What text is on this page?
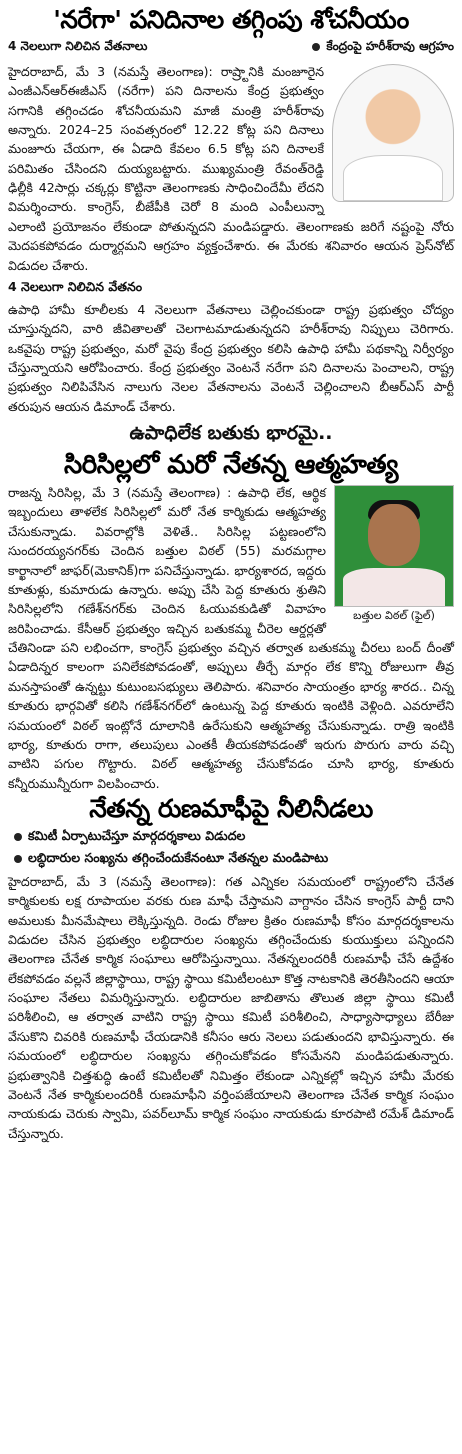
'నరేగా' పనిదినాల తగ్గింపు శోచనీయం
4 నెలలుగా నిలిచిన వేతనాలు	కేంద్రంపై హరీశ్‌రావు ఆగ్రహం

హైదరాబాద్, మే 3 (నమస్తే తెలంగాణ): రాష్ర్టానికి మంజూరైన ఎంజీఎన్‌ఆర్‌ఈజీఎస్ (నరేగా) పని దినాలను కేంద్ర ప్రభుత్వం సగానికి తగ్గించడం శోచనీయమని మాజీ మంత్రి హరీశ్‌రావు అన్నారు. 2024–25 సంవత్సరంలో 12.22 కోట్ల పని దినాలు మంజూరు చేయగా, ఈ ఏడాది కేవలం 6.5 కోట్ల పని దినాలకే పరిమితం చేసిందని దుయ్యబట్టారు. ముఖ్యమంత్రి రేవంత్‌రెడ్డి ఢిల్లీకి 42సార్లు చక్కర్లు కొట్టినా తెలంగాణకు సాధించిందేమీ లేదని విమర్శించారు. కాంగ్రెస్, బీజేపీకి చెరో 8 మంది ఎంపీలున్నా ఎలాంటి ప్రయోజనం లేకుండా పోతున్నదని మండిపడ్డారు. తెలంగాణకు జరిగే నష్టంపై నోరు మెదపకపోవడం దుర్మార్గమని ఆగ్రహం వ్యక్తంచేశారు. ఈ మేరకు శనివారం ఆయన ప్రెస్‌నోట్ విడుదల చేశారు.

4 నెలలుగా నిలిచిన వేతనం

ఉపాధి హామీ కూలీలకు 4 నెలలుగా వేతనాలు చెల్లించకుండా రాష్ట్ర ప్రభుత్వం చోద్యం చూస్తున్నదని, వారి జీవితాలతో చెలగాటమాడుతున్నదని హరీశ్‌రావు నిప్పులు చెరిగారు. ఒకవైపు రాష్ట్ర ప్రభుత్వం, మరో వైపు కేంద్ర ప్రభుత్వం కలిసి ఉపాధి హామీ పథకాన్ని నిర్వీర్యం చేస్తున్నాయని ఆరోపించారు. కేంద్ర ప్రభుత్వం వెంటనే నరేగా పని దినాలను పెంచాలని, రాష్ట్ర ప్రభుత్వం నిలిపివేసిన నాలుగు నెలల వేతనాలను వెంటనే చెల్లించాలని బీఆర్‌ఎస్ పార్టీ తరుపున ఆయన డిమాండ్ చేశారు.

ఉపాధిలేక బతుకు భారమై..
సిరిసిల్లలో మరో నేతన్న ఆత్మహత్య
బత్తుల విఠల్ (ఫైల్)

రాజన్న సిరిసిల్ల, మే 3 (నమస్తే తెలంగాణ) : ఉపాధి లేక, ఆర్థిక ఇబ్బందులు తాళలేక సిరిసిల్లలో మరో నేత కార్మికుడు ఆత్మహత్య చేసుకున్నాడు. వివరాల్లోకి వెళితే.. సిరిసిల్ల పట్టణంలోని సుందరయ్యనగర్‌కు చెందిన బత్తుల విఠల్ (55) మరమగ్గాల కార్ఖానాలో జాఫర్(మెకానిక్)గా పనిచేస్తున్నాడు. భార్యశారద, ఇద్దరు కూతుళ్లు, కుమారుడు ఉన్నారు. అప్పు చేసి పెద్ద కూతురు శ్రుతిని సిరిసిల్లలోని గణేశ్‌నగర్‌కు చెందిన ఓయువకుడితో వివాహం జరిపించాడు. కేసీఆర్ ప్రభుత్వం ఇచ్చిన బతుకమ్మ చీరెల ఆర్డర్లతో చేతినిండా పని లభించగా, కాంగ్రెస్ ప్రభుత్వం వచ్చిన తర్వాత బతుకమ్మ చీరలు బంద్ దీంతో ఏడాదిన్నర కాలంగా పనిలేకపోవడంతో, అప్పులు తీర్చే మార్గం లేక కొన్ని రోజులుగా తీవ్ర మనస్తాపంతో ఉన్నట్టు కుటుంబసభ్యులు తెలిపారు. శనివారం సాయంత్రం భార్య శారద.. చిన్న కూతురు భార్గవితో కలిసి గణేశ్‌నగర్‌లో ఉంటున్న పెద్ద కూతురు ఇంటికి వెళ్లింది. ఎవరూలేని సమయంలో విఠల్ ఇంట్లోనే దూలానికి ఉరేసుకుని ఆత్మహత్య చేసుకున్నాడు. రాత్రి ఇంటికి భార్య, కూతురు రాగా, తలుపులు ఎంతకీ తీయకపోవడంతో ఇరుగు పొరుగు వారు వచ్చి వాటిని పగుల గొట్టారు. విఠల్ ఆత్మహత్య చేసుకోవడం చూసి భార్య, కూతురు కన్నీరుమున్నీరుగా విలపించారు.

నేతన్న రుణమాఫీపై నీలినీడలు
కమిటీ ఏర్పాటుచేస్తూ మార్గదర్శకాలు విడుదల
లబ్ధిదారుల సంఖ్యను తగ్గించేందుకేనంటూ నేతన్నల మండిపాటు

హైదరాబాద్, మే 3 (నమస్తే తెలంగాణ): గత ఎన్నికల సమయంలో రాష్ట్రంలోని చేనేత కార్మికులకు లక్ష రూపాయల వరకు రుణ మాఫీ చేస్తామని వాగ్దానం చేసిన కాంగ్రెస్ పార్టీ దాని అమలుకు మీనమేషాలు లెక్కిస్తున్నది. రెండు రోజుల క్రితం రుణమాఫీ కోసం మార్గదర్శకాలను విడుదల చేసిన ప్రభుత్వం లబ్ధిదారుల సంఖ్యను తగ్గించేందుకు కుయుక్తులు పన్నిందని తెలంగాణ చేనేత కార్మిక సంఘాలు ఆరోపిస్తున్నాయి. నేతన్నలందరికీ రుణమాఫీ చేసే ఉద్దేశం లేకపోవడం వల్లనే జిల్లాస్థాయి, రాష్ట్ర స్థాయి కమిటీలంటూ కొత్త నాటకానికి తెరతీసిందని ఆయా సంఘాల నేతలు విమర్శిస్తున్నారు. లబ్ధిదారుల జాబితాను తొలుత జిల్లా స్థాయి కమిటీ పరిశీలించి, ఆ తర్వాత వాటిని రాష్ట్ర స్థాయి కమిటీ పరిశీలించి, సాధ్యాసాధ్యాలు బేరీజు వేసుకొని చివరికి రుణమాఫీ చేయడానికి కనీసం ఆరు నెలలు పడుతుందని భావిస్తున్నారు. ఈ సమయంలో లబ్ధిదారుల సంఖ్యను తగ్గించుకోవడం కోసమేనని మండిపడుతున్నారు. ప్రభుత్వానికి చిత్తశుద్ధి ఉంటే కమిటీలతో నిమిత్తం లేకుండా ఎన్నికల్లో ఇచ్చిన హామీ మేరకు వెంటనే నేత కార్మికులందరికీ రుణమాఫీని వర్తింపజేయాలని తెలంగాణ చేనేత కార్మిక సంఘం నాయకుడు చెరుకు స్వామి, పవర్‌లూమ్ కార్మిక సంఘం నాయకుడు కూరపాటి రమేశ్ డిమాండ్ చేస్తున్నారు.
